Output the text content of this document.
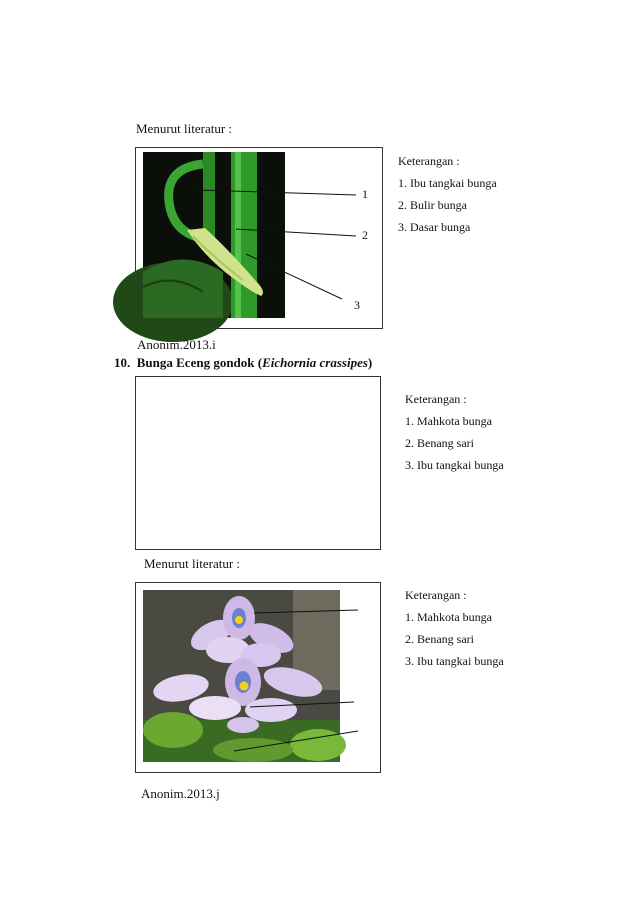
Menurut literatur :
1
2
3
Keterangan :
1. Ibu tangkai bunga
2. Bulir bunga
3. Dasar bunga
Anonim.2013.i
10. Bunga Eceng gondok (Eichornia crassipes)
Keterangan :
1. Mahkota bunga
2. Benang sari
3. Ibu tangkai bunga
Menurut literatur :
Keterangan :
1. Mahkota bunga
2. Benang sari
3. Ibu tangkai bunga
Anonim.2013.j
